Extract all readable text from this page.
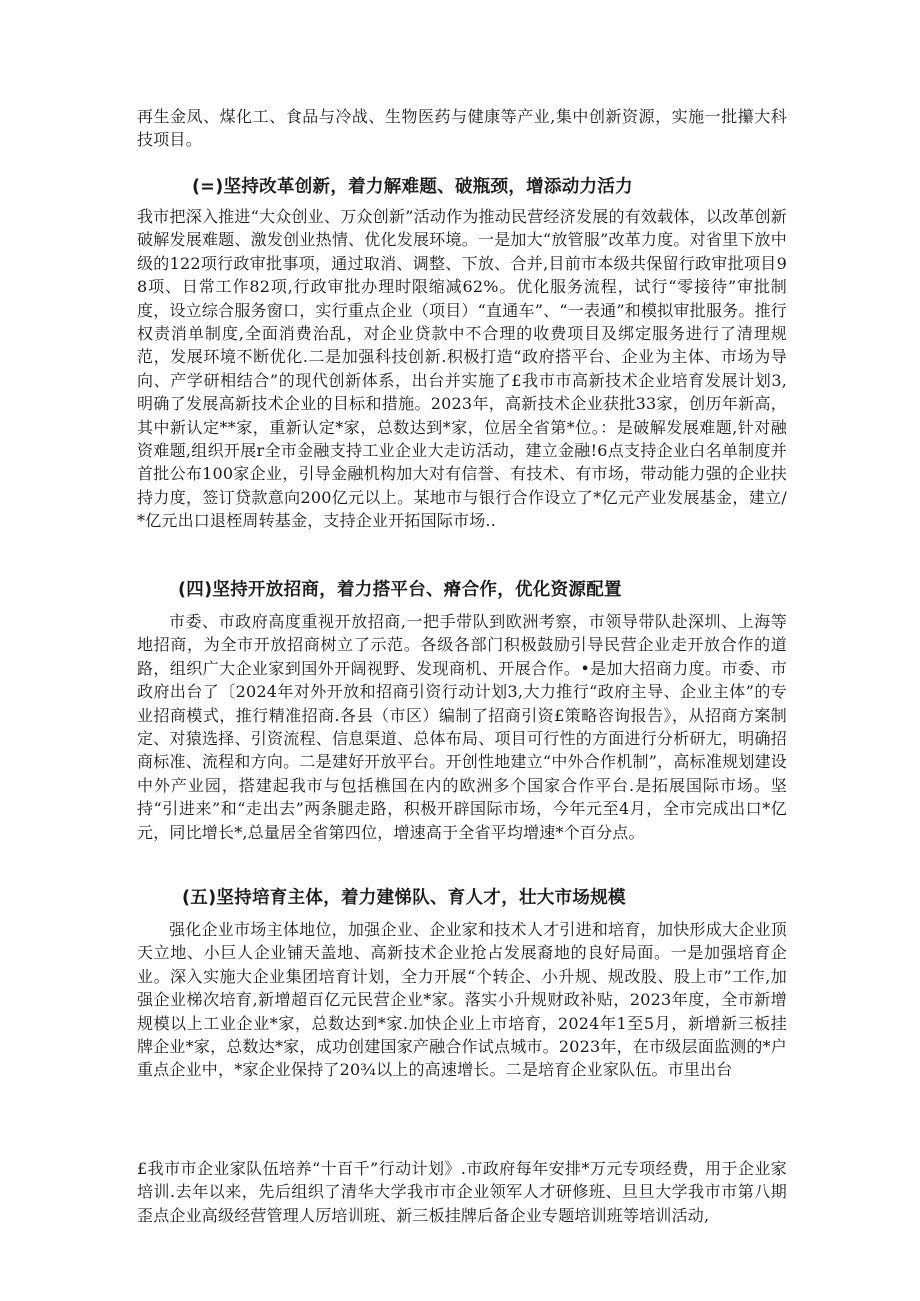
再生金凤、煤化工、食品与冷战、生物医药与健康等产业,集中创新资源，实施一批攥大科技项目。
(=)坚持改革创新，着力解难题、破瓶颈，增添动力活力
我市把深入推进“大众创业、万众创新”活动作为推动民营经济发展的有效载体，以改革创新破解发展难题、激发创业热情、优化发展环境。一是加大“放管服”改革力度。对省里下放中级的122项行政审批事项，通过取消、调整、下放、合并,目前市本级共保留行政审批项目98项、日常工作82项,行政审批办理时限缩减62%。优化服务流程，试行“零接待”审批制度，设立综合服务窗口，实行重点企业（项目）“直通车”、“一表通”和模拟审批服务。推行权责消单制度,全面消费治乱，对企业贷款中不合理的收费项目及绑定服务进行了清理规范，发展环境不断优化.二是加强科技创新.积极打造“政府搭平台、企业为主体、市场为导向、产学研相结合”的现代创新体系，出台并实施了£我市市高新技术企业培育发展计划3,明确了发展高新技术企业的目标和措施。2023年，高新技术企业获批33家，创历年新高，其中新认定**家，重新认定*家，总数达到*家，位居全省第*位。：是破解发展难题,针对融资难题,组织开展r全市金融支持工业企业大走访活动，建立金融!6点支持企业白名单制度并首批公布100家企业，引导金融机构加大对有信誉、有技术、有市场，带动能力强的企业扶持力度，签订贷款意向200亿元以上。某地市与银行合作设立了*亿元产业发展基金，建立/*亿元出口退桎周转基金，支持企业开拓国际市场..
(四)坚持开放招商，着力搭平台、瘠合作，优化资源配置
市委、市政府高度重视开放招商,一把手带队到欧洲考察，市领导带队赴深圳、上海等地招商，为全市开放招商树立了示范。各级各部门积极鼓励引导民营企业走开放合作的道路，组织广大企业家到国外开阔视野、发现商机、开展合作。•是加大招商力度。市委、市政府出台了〔2024年对外开放和招商引资行动计划3,大力推行“政府主导、企业主体”的专业招商模式，推行精准招商.各县（市区）编制了招商引资£策略咨询报告》，从招商方案制定、对猿选择、引资流程、信息渠道、总体布局、项目可行性的方面进行分析研尢，明确招商标准、流程和方向。二是建好开放平台。开创性地建立“中外合作机制”，高标准规划建设中外产业园，搭建起我市与包括樵国在内的欧洲多个国家合作平台.是拓展国际市场。坚持“引进来”和“走出去”两条腿走路，积极开辟国际市场，今年元至4月，全市完成出口*亿元，同比增长*,总量居全省第四位，增速高于全省平均增速*个百分点。
(五)坚持培育主体，着力建悌队、育人才，壮大市场规模
强化企业市场主体地位，加强企业、企业家和技术人才引进和培育，加快形成大企业顶天立地、小巨人企业铺天盖地、高新技术企业抢占发展裔地的良好局面。一是加强培育企业。深入实施大企业集团培育计划，全力开展“个转企、小升规、规改股、股上市”工作,加强企业梯次培育,新增超百亿元民营企业*家。落实小升规财政补贴，2023年度，全市新增规模以上工业企业*家，总数达到*家.加快企业上市培育，2024年1至5月，新增新三板挂牌企业*家，总数达*家，成功创建国家产融合作试点城市。2023年，在市级层面监测的*户重点企业中，*家企业保持了20¾以上的高速增长。二是培育企业家队伍。市里出台
£我市市企业家队伍培养“十百千”行动计划》.市政府每年安排*万元专项经费，用于企业家培训.去年以来，先后组织了清华大学我市市企业领军人才研修班、旦旦大学我市市第八期歪点企业高级经营管理人厉培训班、新三板挂牌后备企业专题培训班等培训活动,
